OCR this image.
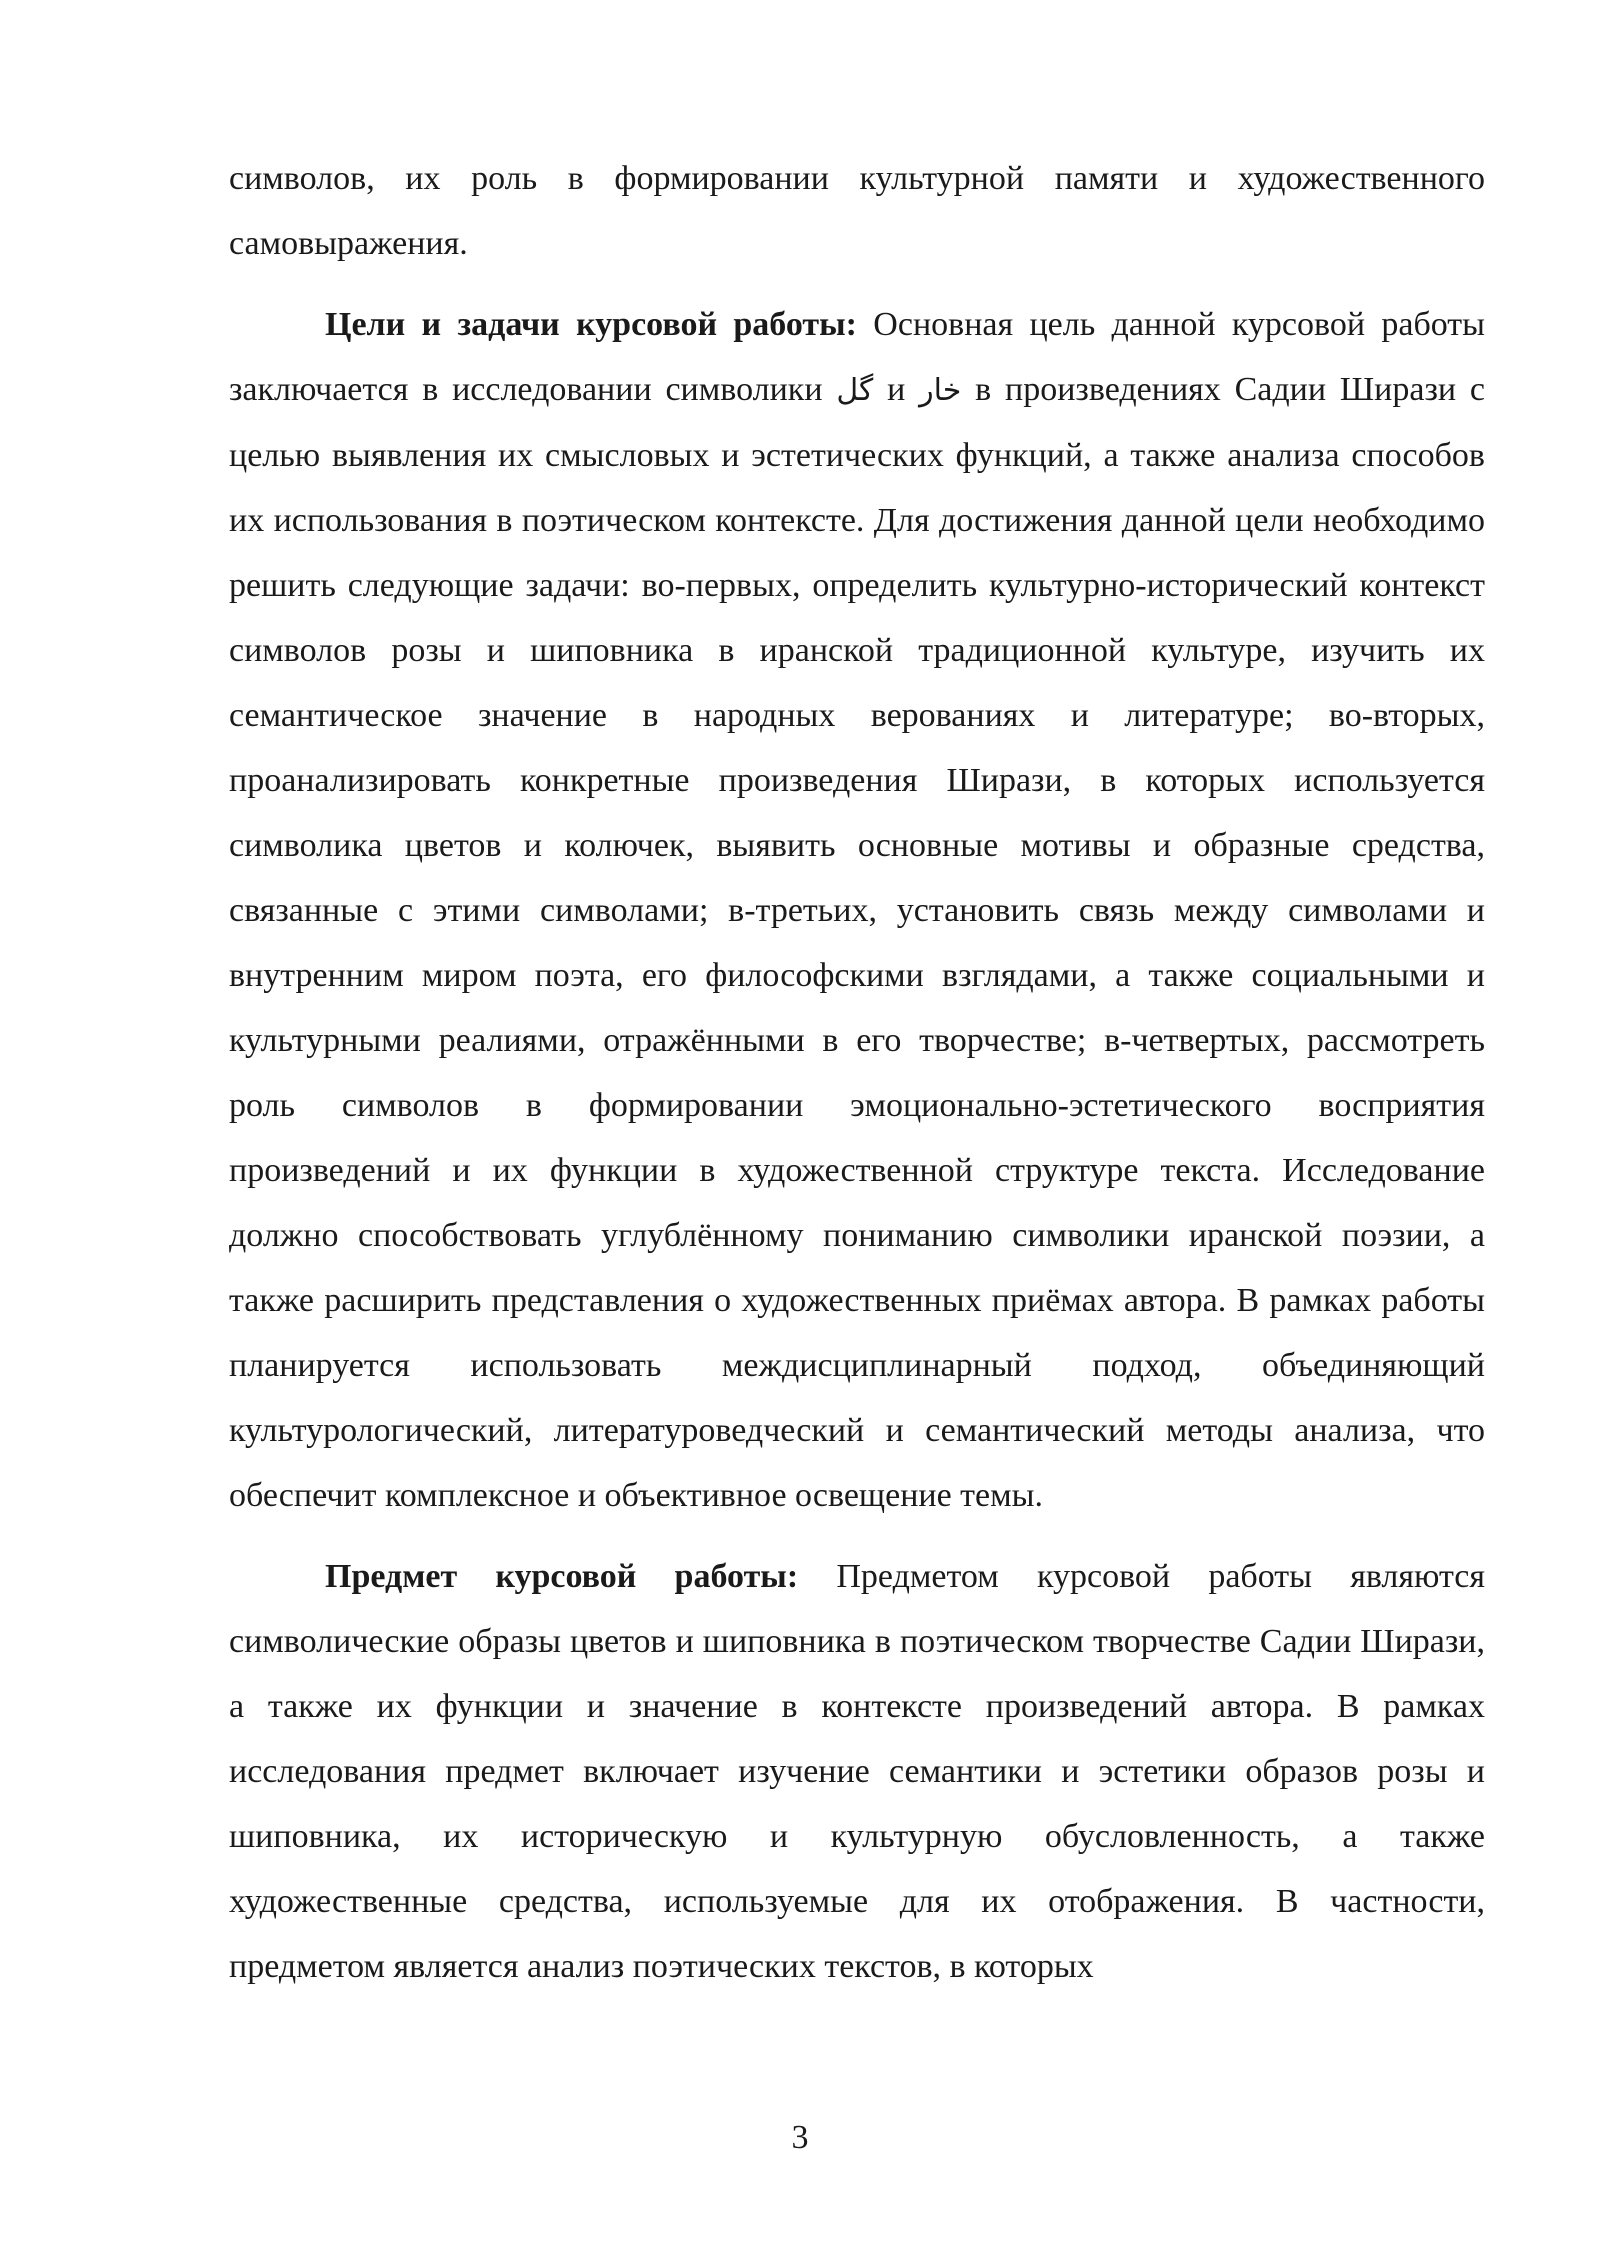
символов, их роль в формировании культурной памяти и художественного самовыражения.

Цели и задачи курсовой работы: Основная цель данной курсовой работы заключается в исследовании символики گل и خار в произведениях Садии Ширази с целью выявления их смысловых и эстетических функций, а также анализа способов их использования в поэтическом контексте. Для достижения данной цели необходимо решить следующие задачи: во-первых, определить культурно-исторический контекст символов розы и шиповника в иранской традиционной культуре, изучить их семантическое значение в народных верованиях и литературе; во-вторых, проанализировать конкретные произведения Ширази, в которых используется символика цветов и колючек, выявить основные мотивы и образные средства, связанные с этими символами; в-третьих, установить связь между символами и внутренним миром поэта, его философскими взглядами, а также социальными и культурными реалиями, отражёнными в его творчестве; в-четвертых, рассмотреть роль символов в формировании эмоционально-эстетического восприятия произведений и их функции в художественной структуре текста. Исследование должно способствовать углублённому пониманию символики иранской поэзии, а также расширить представления о художественных приёмах автора. В рамках работы планируется использовать междисциплинарный подход, объединяющий культурологический, литературоведческий и семантический методы анализа, что обеспечит комплексное и объективное освещение темы.

Предмет курсовой работы: Предметом курсовой работы являются символические образы цветов и шиповника в поэтическом творчестве Садии Ширази, а также их функции и значение в контексте произведений автора. В рамках исследования предмет включает изучение семантики и эстетики образов розы и шиповника, их историческую и культурную обусловленность, а также художественные средства, используемые для их отображения. В частности, предметом является анализ поэтических текстов, в которых

3
